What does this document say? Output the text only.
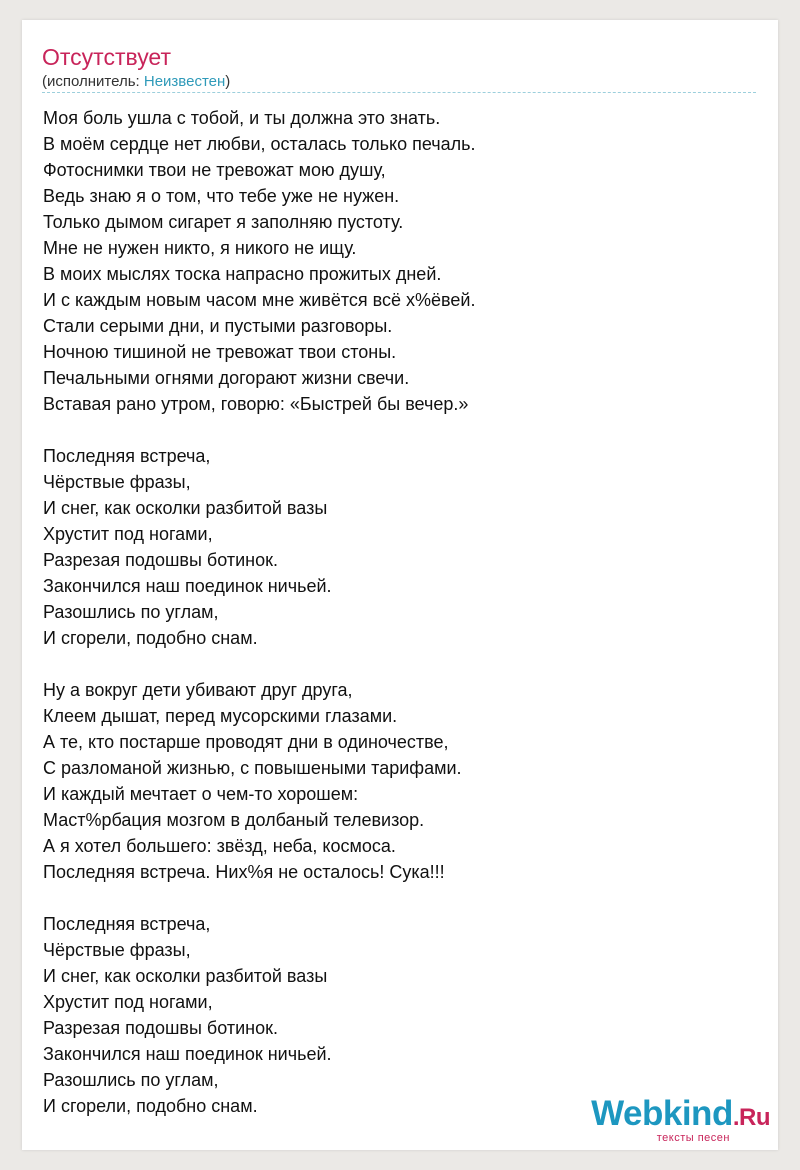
Отсутствует
(исполнитель: Неизвестен)
Моя боль ушла с тобой, и ты должна это знать.
В моём сердце нет любви, осталась только печаль.
Фотоснимки твои не тревожат мою душу,
Ведь знаю я о том, что тебе уже не нужен.
Только дымом сигарет я заполняю пустоту.
Мне не нужен никто, я никого не ищу.
В моих мыслях тоска напрасно прожитых дней.
И с каждым новым часом мне живётся всё х%ёвей.
Стали серыми дни, и пустыми разговоры.
Ночною тишиной не тревожат твои стоны.
Печальными огнями догорают жизни свечи.
Вставая рано утром, говорю: «Быстрей бы вечер.»
Последняя встреча,
Чёрствые фразы,
И снег, как осколки разбитой вазы
Хрустит под ногами,
Разрезая подошвы ботинок.
Закончился наш поединок ничьей.
Разошлись по углам,
И сгорели, подобно снам.
Ну а вокруг дети убивают друг друга,
Клеем дышат, перед мусорскими глазами.
А те, кто постарше проводят дни в одиночестве,
С разломаной жизнью, с повышеными тарифами.
И каждый мечтает о чем-то хорошем:
Маст%рбация мозгом в долбаный телевизор.
А я хотел большего: звёзд, неба, космоса.
Последняя встреча. Них%я не осталось! Сука!!!
Последняя встреча,
Чёрствые фразы,
И снег, как осколки разбитой вазы
Хрустит под ногами,
Разрезая подошвы ботинок.
Закончился наш поединок ничьей.
Разошлись по углам,
И сгорели, подобно снам.	Webkind.Ru
тексты песен
